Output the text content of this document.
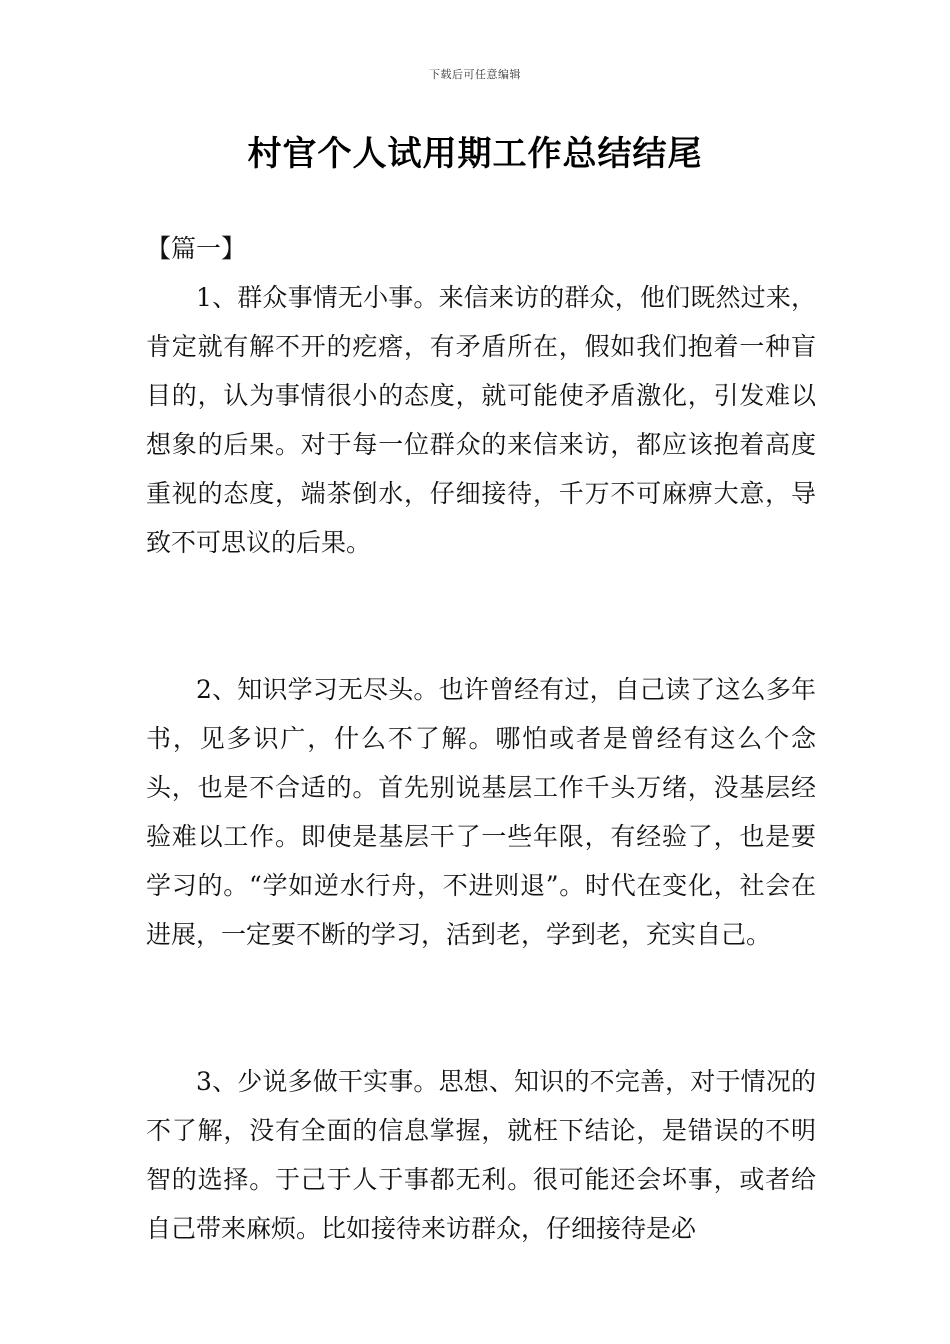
下载后可任意编辑
村官个人试用期工作总结结尾

【篇一】

1、群众事情无小事。来信来访的群众，他们既然过来，肯定就有解不开的疙瘩，有矛盾所在，假如我们抱着一种盲目的，认为事情很小的态度，就可能使矛盾激化，引发难以想象的后果。对于每一位群众的来信来访，都应该抱着高度重视的态度，端茶倒水，仔细接待，千万不可麻痹大意，导致不可思议的后果。

2、知识学习无尽头。也许曾经有过，自己读了这么多年书，见多识广，什么不了解。哪怕或者是曾经有这么个念头，也是不合适的。首先别说基层工作千头万绪，没基层经验难以工作。即使是基层干了一些年限，有经验了，也是要学习的。“学如逆水行舟，不进则退”。时代在变化，社会在进展，一定要不断的学习，活到老，学到老，充实自己。

3、少说多做干实事。思想、知识的不完善，对于情况的不了解，没有全面的信息掌握，就枉下结论，是错误的不明智的选择。于己于人于事都无利。很可能还会坏事，或者给自己带来麻烦。比如接待来访群众，仔细接待是必
